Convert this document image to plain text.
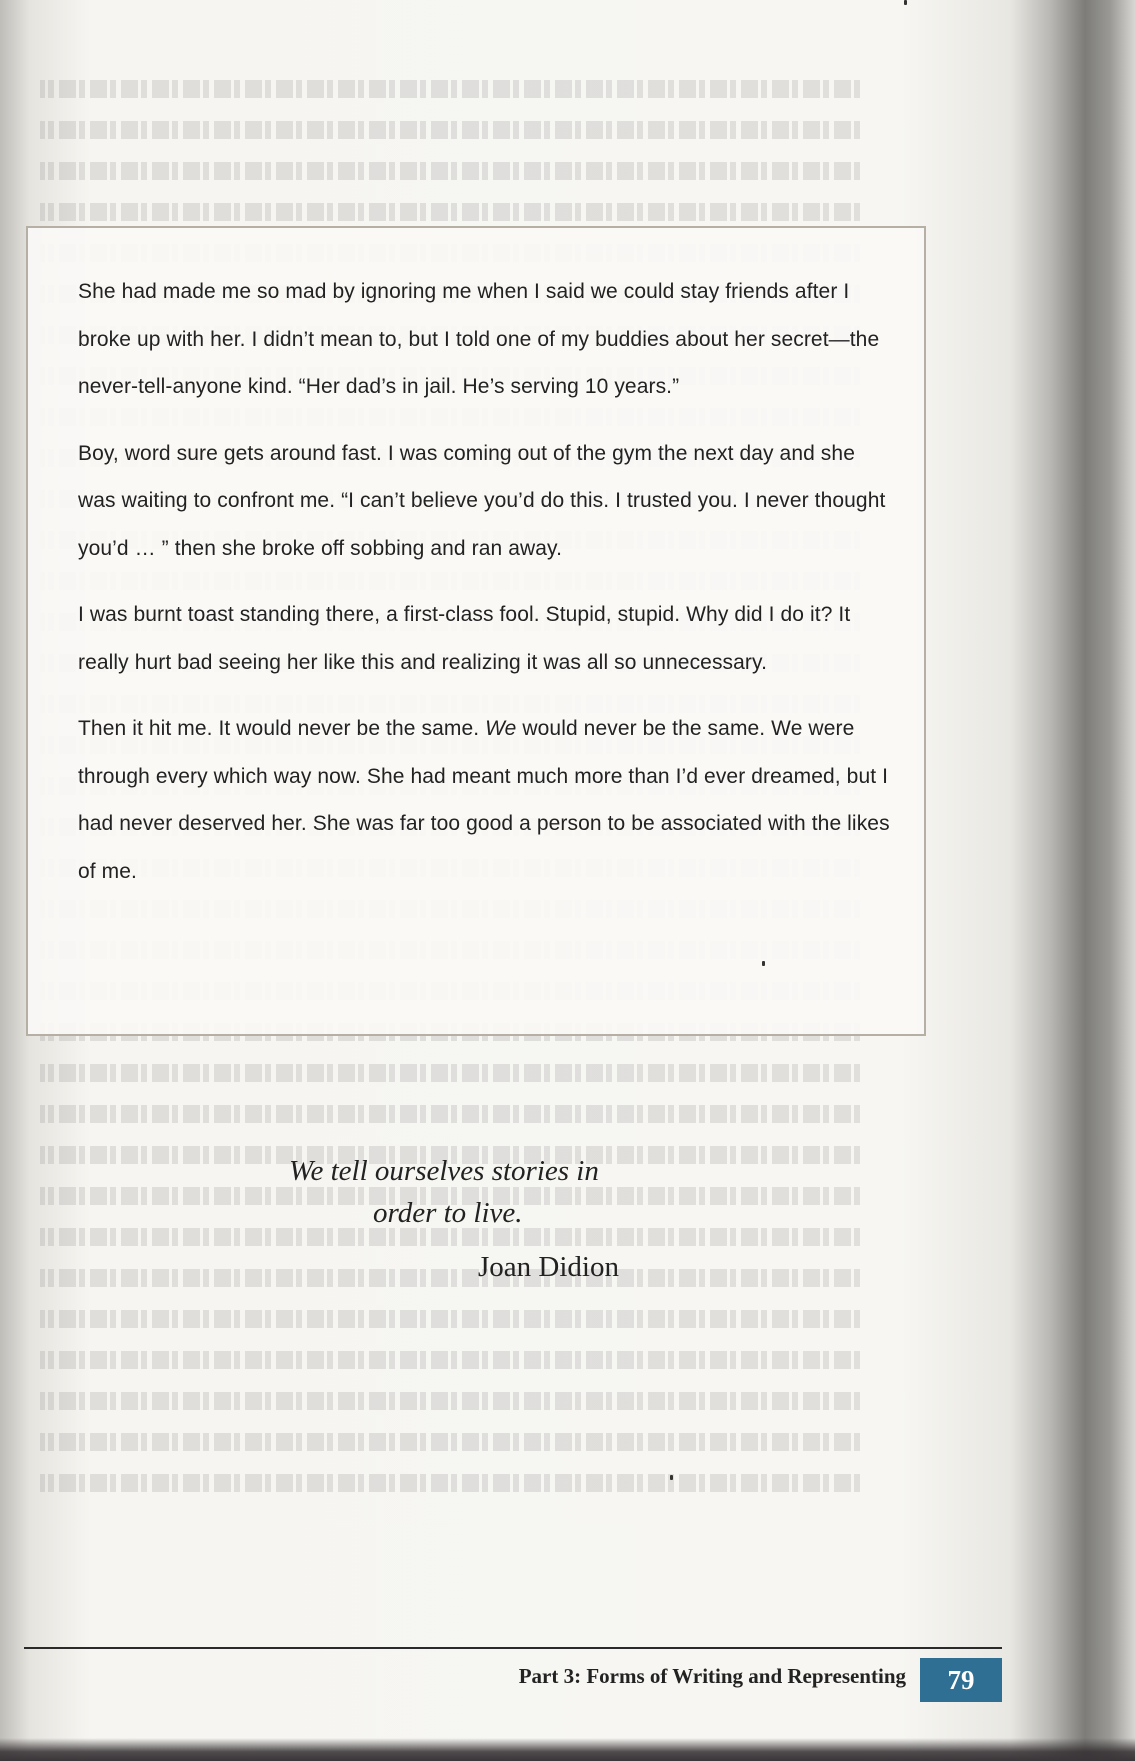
She had made me so mad by ignoring me when I said we could stay friends after I broke up with her. I didn’t mean to, but I told one of my buddies about her secret—the never-tell-anyone kind. “Her dad’s in jail. He’s serving 10 years.”

Boy, word sure gets around fast. I was coming out of the gym the next day and she was waiting to confront me. “I can’t believe you’d do this. I trusted you. I never thought you’d … ” then she broke off sobbing and ran away.

I was burnt toast standing there, a first-class fool. Stupid, stupid. Why did I do it? It really hurt bad seeing her like this and realizing it was all so unnecessary.

Then it hit me. It would never be the same. We would never be the same. We were through every which way now. She had meant much more than I’d ever dreamed, but I had never deserved her. She was far too good a person to be associated with the likes of me.

We tell ourselves stories in
order to live.
Joan Didion
Part 3: Forms of Writing and Representing	79
